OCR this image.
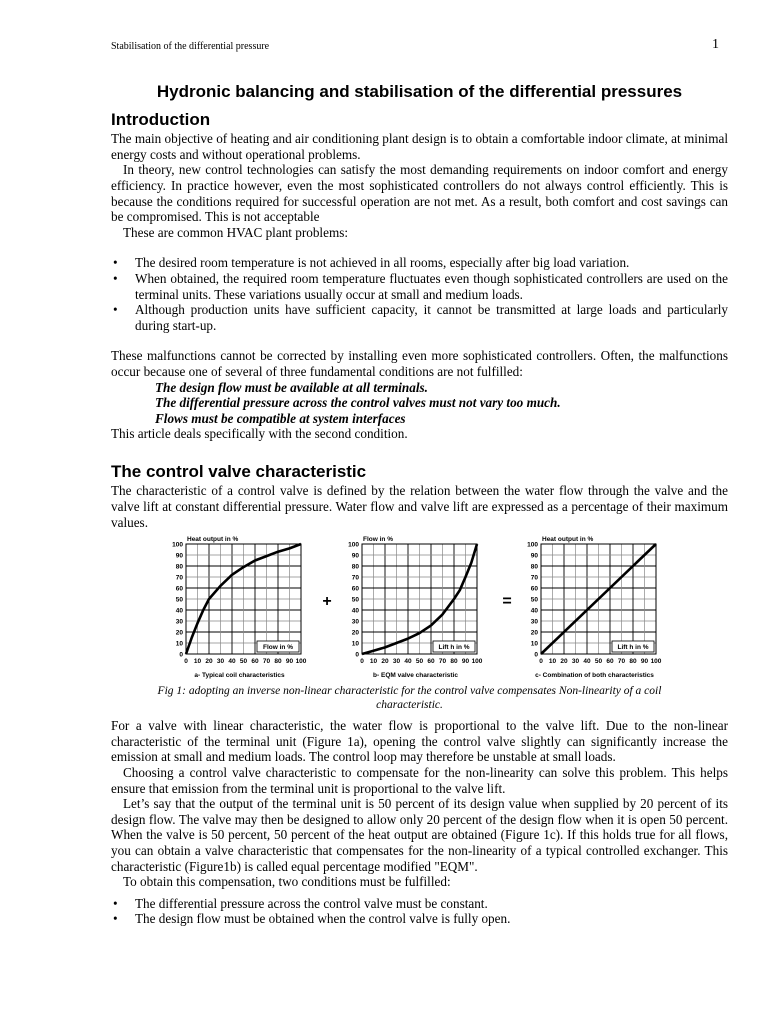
Stabilisation of the differential pressure	1
Hydronic balancing and stabilisation of the differential pressures
Introduction

The main objective of heating and air conditioning plant design is to obtain a comfortable indoor climate, at minimal energy costs and without operational problems.

In theory, new control technologies can satisfy the most demanding requirements on indoor comfort and energy efficiency. In practice however, even the most sophisticated controllers do not always control efficiently. This is because the conditions required for successful operation are not met. As a result, both comfort and cost savings can be compromised. This is not acceptable

These are common HVAC plant problems:

• The desired room temperature is not achieved in all rooms, especially after big load variation.
• When obtained, the required room temperature fluctuates even though sophisticated controllers are used on the terminal units. These variations usually occur at small and medium loads.
• Although production units have sufficient capacity, it cannot be transmitted at large loads and particularly during start-up.

These malfunctions cannot be corrected by installing even more sophisticated controllers. Often, the malfunctions occur because one of several of three fundamental conditions are not fulfilled:

The design flow must be available at all terminals.

The differential pressure across the control valves must not vary too much.

Flows must be compatible at system interfaces

This article deals specifically with the second condition.

The control valve characteristic

The characteristic of a control valve is defined by the relation between the water flow through the valve and the valve lift at constant differential pressure. Water flow and valve lift are expressed as a percentage of their maximum values.

0
0
10
10
20
20
30
30
40
40
50
50
60
60
70
70
80
80
90
90
100
100
Heat output in %
Flow in %
a- Typical coil characteristics
0
0
10
10
20
20
30
30
40
40
50
50
60
60
70
70
80
80
90
90
100
100
Flow in %
Lift h in %
b- EQM valve characteristic
0
0
10
10
20
20
30
30
40
40
50
50
60
60
70
70
80
80
90
90
100
100
Heat output in %
Lift h in %
c- Combination of both characteristics
+	=

Fig 1: adopting an inverse non-linear characteristic for the control valve compensates Non-linearity of a coil characteristic.

For a valve with linear characteristic, the water flow is proportional to the valve lift. Due to the non-linear characteristic of the terminal unit (Figure 1a), opening the control valve slightly can significantly increase the emission at small and medium loads. The control loop may therefore be unstable at small loads.

Choosing a control valve characteristic to compensate for the non-linearity can solve this problem. This helps ensure that emission from the terminal unit is proportional to the valve lift.

Let’s say that the output of the terminal unit is 50 percent of its design value when supplied by 20 percent of its design flow. The valve may then be designed to allow only 20 percent of the design flow when it is open 50 percent. When the valve is 50 percent, 50 percent of the heat output are obtained (Figure 1c). If this holds true for all flows, you can obtain a valve characteristic that compensates for the non-linearity of a typical controlled exchanger. This characteristic (Figure1b) is called equal percentage modified "EQM".

To obtain this compensation, two conditions must be fulfilled:

• The differential pressure across the control valve must be constant.
• The design flow must be obtained when the control valve is fully open.
